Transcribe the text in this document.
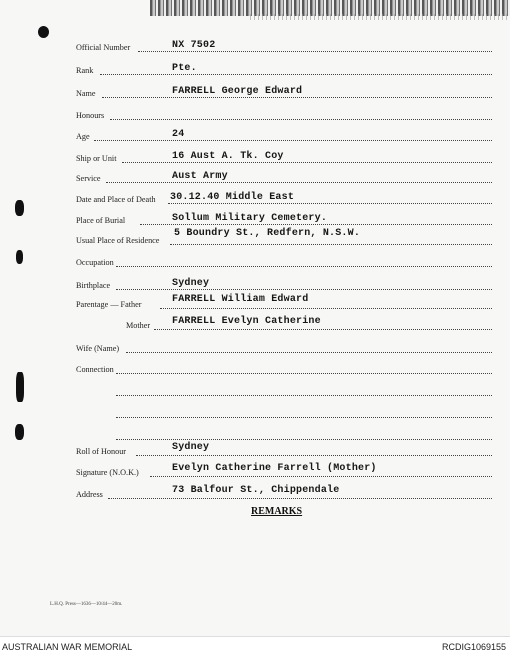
Official Number	NX 7502
Rank	Pte.
Name	FARRELL George Edward
Honours
Age	24
Ship or Unit	16 Aust A. Tk. Coy
Service	Aust Army
Date and Place of Death 30.12.40 Middle East
Place of Burial	Sollum Military Cemetery.
Usual Place of Residence
5 Boundry St., Redfern, N.S.W.
Occupation
Birthplace	Sydney
Parentage — Father	FARRELL William Edward
Mother FARRELL Evelyn Catherine
Wife (Name)
Connection
Roll of Honour	Sydney
Signature (N.O.K.)	Evelyn Catherine Farrell (Mother)
Address	73 Balfour St., Chippendale
REMARKS
L.H.Q. Press—1636—10/44—20m.
AUSTRALIAN WAR MEMORIAL	RCDIG1069155
